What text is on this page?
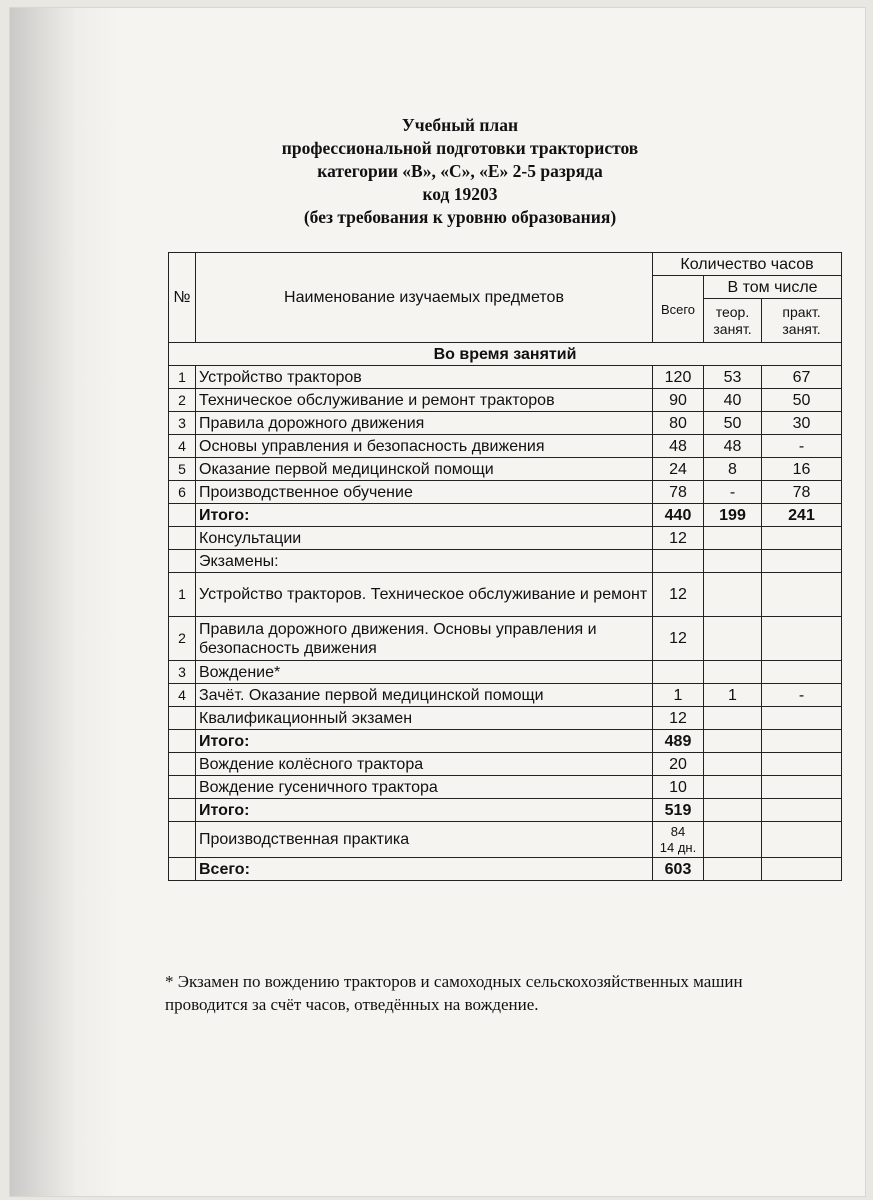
Учебный план
профессиональной подготовки трактористов
категории «В», «С», «Е» 2-5 разряда
код 19203
(без требования к уровню образования)
№	Наименование изучаемых предметов	Количество часов		
		Всего	В том числе	
			теор. занят.	практ. занят.
Во время занятий				
1	Устройство тракторов	120	53	67
2	Техническое обслуживание и ремонт тракторов	90	40	50
3	Правила дорожного движения	80	50	30
4	Основы управления и безопасность движения	48	48	-
5	Оказание первой медицинской помощи	24	8	16
6	Производственное обучение	78	-	78
	Итого:	440	199	241
	Консультации	12		
	Экзамены:			
1	Устройство тракторов. Техническое обслуживание и ремонт	12		
2	Правила дорожного движения. Основы управления и безопасность движения	12		
3	Вождение*			
4	Зачёт. Оказание первой медицинской помощи	1	1	-
	Квалификационный экзамен	12		
	Итого:	489		
	Вождение колёсного трактора	20		
	Вождение гусеничного трактора	10		
	Итого:	519		
	Производственная практика	84
14 дн.		

	Всего:	603		
* Экзамен по вождению тракторов и самоходных сельскохозяйственных машин проводится за счёт часов, отведённых на вождение.
